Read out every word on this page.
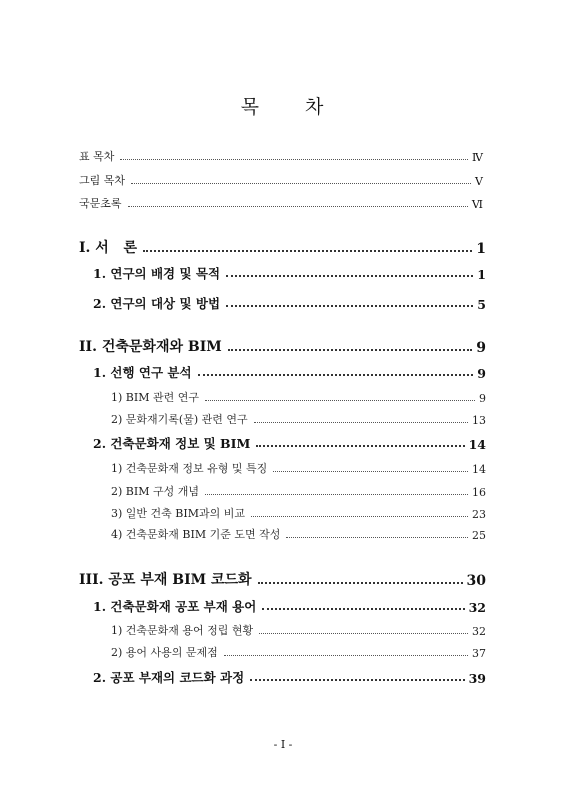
목 차
표 목차	Ⅳ
그림 목차	Ⅴ
국문초록	Ⅵ
I. 서   론	1
1. 연구의 배경 및 목적	1
2. 연구의 대상 및 방법	5
II. 건축문화재와 BIM	9
1. 선행 연구 분석	9
1) BIM 관련 연구	9
2) 문화재기록(물) 관련 연구	13
2. 건축문화재 정보 및 BIM	14
1) 건축문화재 정보 유형 및 특징	14
2) BIM 구성 개념	16
3) 일반 건축 BIM과의 비교	23
4) 건축문화재 BIM 기준 도면 작성	25
III. 공포 부재 BIM 코드화	30
1. 건축문화재 공포 부재 용어	32
1) 건축문화재 용어 정립 현황	32
2) 용어 사용의 문제점	37
2. 공포 부재의 코드화 과정	39
- I -
